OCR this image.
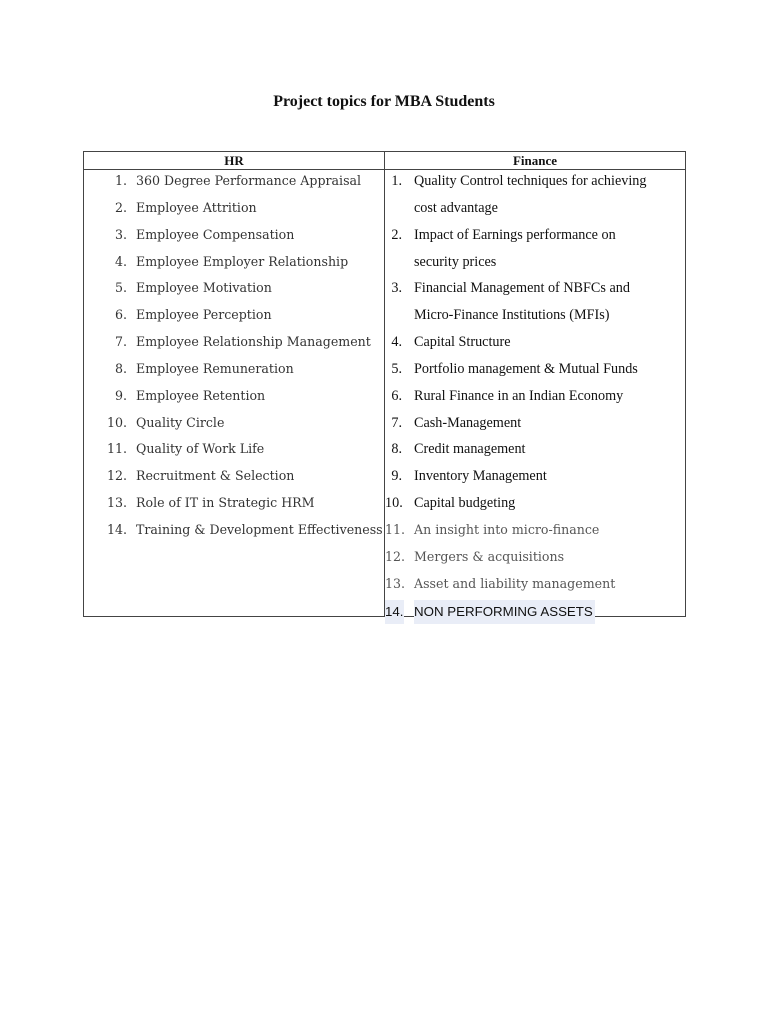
Project topics for MBA Students
HR	Finance
1. 360 Degree Performance Appraisal
2. Employee Attrition
3. Employee Compensation
4. Employee Employer Relationship
5. Employee Motivation
6. Employee Perception
7. Employee Relationship Management
8. Employee Remuneration
9. Employee Retention
10. Quality Circle
11. Quality of Work Life
12. Recruitment & Selection
13. Role of IT in Strategic HRM
14. Training & Development Effectiveness
1. Quality Control techniques for achieving
cost advantage
2. Impact of Earnings performance on
security prices
3. Financial Management of NBFCs and
Micro-Finance Institutions (MFIs)
4. Capital Structure
5. Portfolio management & Mutual Funds
6. Rural Finance in an Indian Economy
7. Cash-Management
8. Credit management
9. Inventory Management
10. Capital budgeting
11. An insight into micro-finance
12. Mergers & acquisitions
13. Asset and liability management
14. NON PERFORMING ASSETS
